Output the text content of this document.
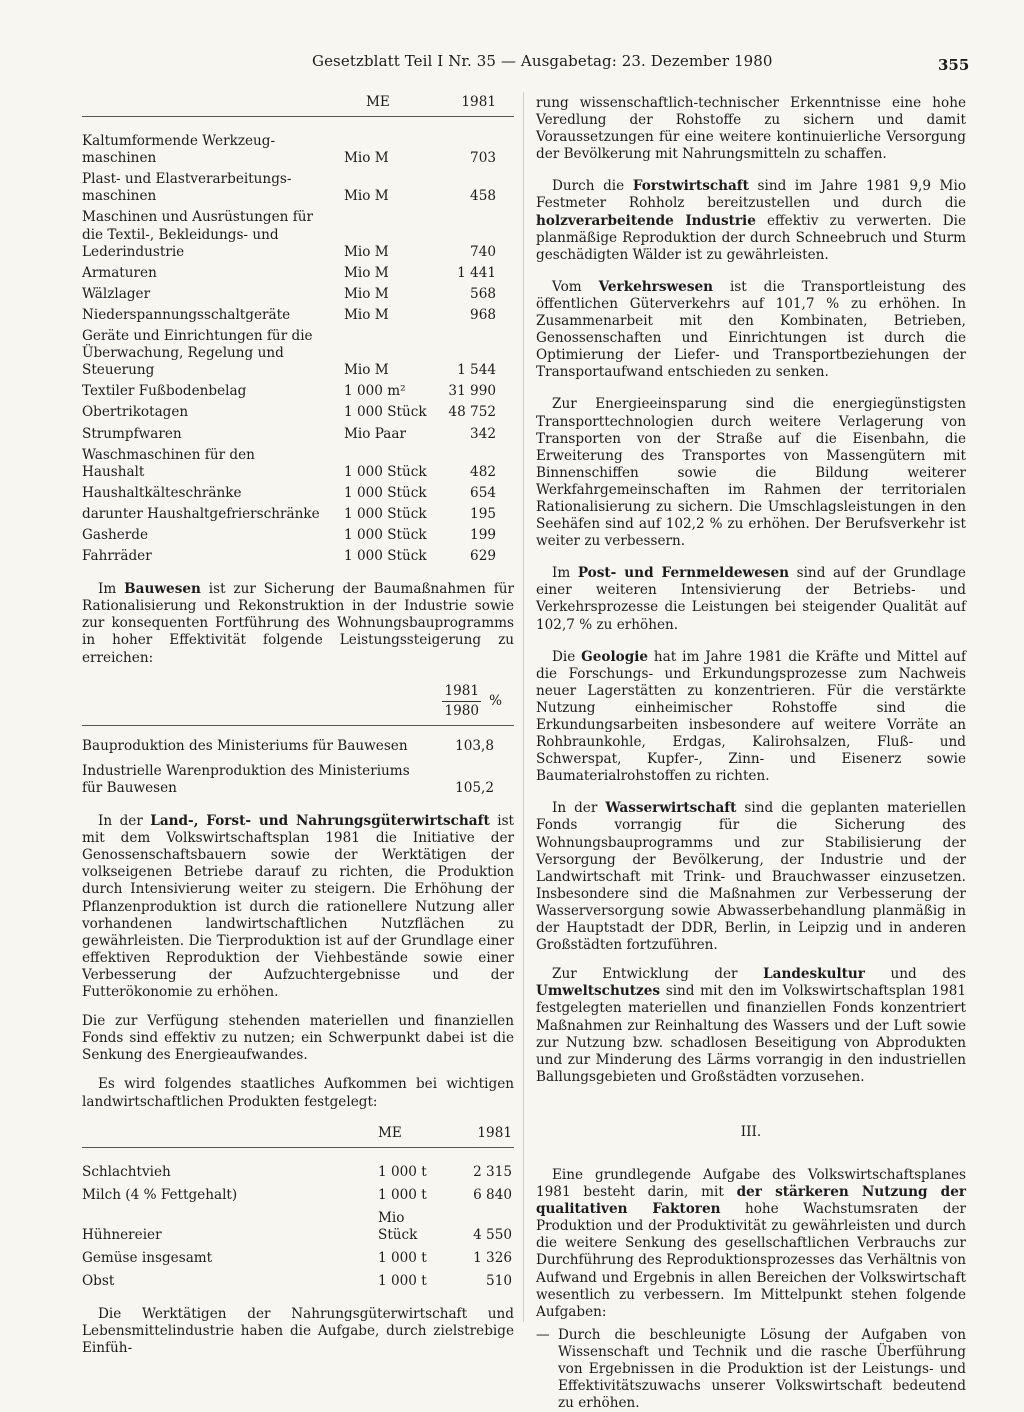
Gesetzblatt Teil I Nr. 35 — Ausgabetag: 23. Dezember 1980	355
	ME	1981
Kaltumformende Werkzeug- maschinen	Mio M	703
Plast- und Elastverarbeitungs- maschinen	Mio M	458
Maschinen und Ausrüstungen für die Textil-, Bekleidungs- und Lederindustrie	Mio M	740
Armaturen	Mio M	1 441
Wälzlager	Mio M	568
Niederspannungsschaltgeräte	Mio M	968
Geräte und Einrichtungen für die Überwachung, Regelung und Steuerung	Mio M	1 544
Textiler Fußbodenbelag	1 000 m²	31 990
Obertrikotagen	1 000 Stück	48 752
Strumpfwaren	Mio Paar	342
Waschmaschinen für den Haushalt	1 000 Stück	482
Haushaltkälteschränke	1 000 Stück	654
darunter Haushaltgefrierschränke	1 000 Stück	195
Gasherde	1 000 Stück	199
Fahrräder	1 000 Stück	629

Im Bauwesen ist zur Sicherung der Baumaßnahmen für Rationalisierung und Rekonstruktion in der Industrie sowie zur konsequenten Fortführung des Wohnungsbauprogramms in hoher Effektivität folgende Leistungssteigerung zu erreichen:

	$\frac{1981}{1980}$ %
Bauproduktion des Ministeriums für Bauwesen	103,8
Industrielle Warenproduktion des Ministeriums für Bauwesen	105,2

In der Land-, Forst- und Nahrungsgüterwirtschaft ist mit dem Volkswirtschaftsplan 1981 die Initiative der Genossenschaftsbauern sowie der Werktätigen der volkseigenen Betriebe darauf zu richten, die Produktion durch Intensivierung weiter zu steigern. Die Erhöhung der Pflanzenproduktion ist durch die rationellere Nutzung aller vorhandenen landwirtschaftlichen Nutzflächen zu gewährleisten. Die Tierproduktion ist auf der Grundlage einer effektiven Reproduktion der Viehbestände sowie einer Verbesserung der Aufzuchtergebnisse und der Futterökonomie zu erhöhen.

Die zur Verfügung stehenden materiellen und finanziellen Fonds sind effektiv zu nutzen; ein Schwerpunkt dabei ist die Senkung des Energieaufwandes.

Es wird folgendes staatliches Aufkommen bei wichtigen landwirtschaftlichen Produkten festgelegt:

	ME	1981
Schlachtvieh	1 000 t	2 315
Milch (4 % Fettgehalt)	1 000 t	6 840
Hühnereier	Mio Stück	4 550
Gemüse insgesamt	1 000 t	1 326
Obst	1 000 t	510

Die Werktätigen der Nahrungsgüterwirtschaft und Lebensmittelindustrie haben die Aufgabe, durch zielstrebige Einfüh-

rung wissenschaftlich-technischer Erkenntnisse eine hohe Veredlung der Rohstoffe zu sichern und damit Voraussetzungen für eine weitere kontinuierliche Versorgung der Bevölkerung mit Nahrungsmitteln zu schaffen.

Durch die Forstwirtschaft sind im Jahre 1981 9,9 Mio Festmeter Rohholz bereitzustellen und durch die holzverarbeitende Industrie effektiv zu verwerten. Die planmäßige Reproduktion der durch Schneebruch und Sturm geschädigten Wälder ist zu gewährleisten.

Vom Verkehrswesen ist die Transportleistung des öffentlichen Güterverkehrs auf 101,7 % zu erhöhen. In Zusammenarbeit mit den Kombinaten, Betrieben, Genossenschaften und Einrichtungen ist durch die Optimierung der Liefer- und Transportbeziehungen der Transportaufwand entschieden zu senken.

Zur Energieeinsparung sind die energiegünstigsten Transporttechnologien durch weitere Verlagerung von Transporten von der Straße auf die Eisenbahn, die Erweiterung des Transportes von Massengütern mit Binnenschiffen sowie die Bildung weiterer Werkfahrgemeinschaften im Rahmen der territorialen Rationalisierung zu sichern. Die Umschlagsleistungen in den Seehäfen sind auf 102,2 % zu erhöhen. Der Berufsverkehr ist weiter zu verbessern.

Im Post- und Fernmeldewesen sind auf der Grundlage einer weiteren Intensivierung der Betriebs- und Verkehrsprozesse die Leistungen bei steigender Qualität auf 102,7 % zu erhöhen.

Die Geologie hat im Jahre 1981 die Kräfte und Mittel auf die Forschungs- und Erkundungsprozesse zum Nachweis neuer Lagerstätten zu konzentrieren. Für die verstärkte Nutzung einheimischer Rohstoffe sind die Erkundungsarbeiten insbesondere auf weitere Vorräte an Rohbraunkohle, Erdgas, Kalirohsalzen, Fluß- und Schwerspat, Kupfer-, Zinn- und Eisenerz sowie Baumaterialrohstoffen zu richten.

In der Wasserwirtschaft sind die geplanten materiellen Fonds vorrangig für die Sicherung des Wohnungsbauprogramms und zur Stabilisierung der Versorgung der Bevölkerung, der Industrie und der Landwirtschaft mit Trink- und Brauchwasser einzusetzen. Insbesondere sind die Maßnahmen zur Verbesserung der Wasserversorgung sowie Abwasserbehandlung planmäßig in der Hauptstadt der DDR, Berlin, in Leipzig und in anderen Großstädten fortzuführen.

Zur Entwicklung der Landeskultur und des Umweltschutzes sind mit den im Volkswirtschaftsplan 1981 festgelegten materiellen und finanziellen Fonds konzentriert Maßnahmen zur Reinhaltung des Wassers und der Luft sowie zur Nutzung bzw. schadlosen Beseitigung von Abprodukten und zur Minderung des Lärms vorrangig in den industriellen Ballungsgebieten und Großstädten vorzusehen.

III.

Eine grundlegende Aufgabe des Volkswirtschaftsplanes 1981 besteht darin, mit der stärkeren Nutzung der qualitativen Faktoren hohe Wachstumsraten der Produktion und der Produktivität zu gewährleisten und durch die weitere Senkung des gesellschaftlichen Verbrauchs zur Durchführung des Reproduktionsprozesses das Verhältnis von Aufwand und Ergebnis in allen Bereichen der Volkswirtschaft wesentlich zu verbessern. Im Mittelpunkt stehen folgende Aufgaben:

— Durch die beschleunigte Lösung der Aufgaben von Wissenschaft und Technik und die rasche Überführung von Ergebnissen in die Produktion ist der Leistungs- und Effektivitätszuwachs unserer Volkswirtschaft bedeutend zu erhöhen.
